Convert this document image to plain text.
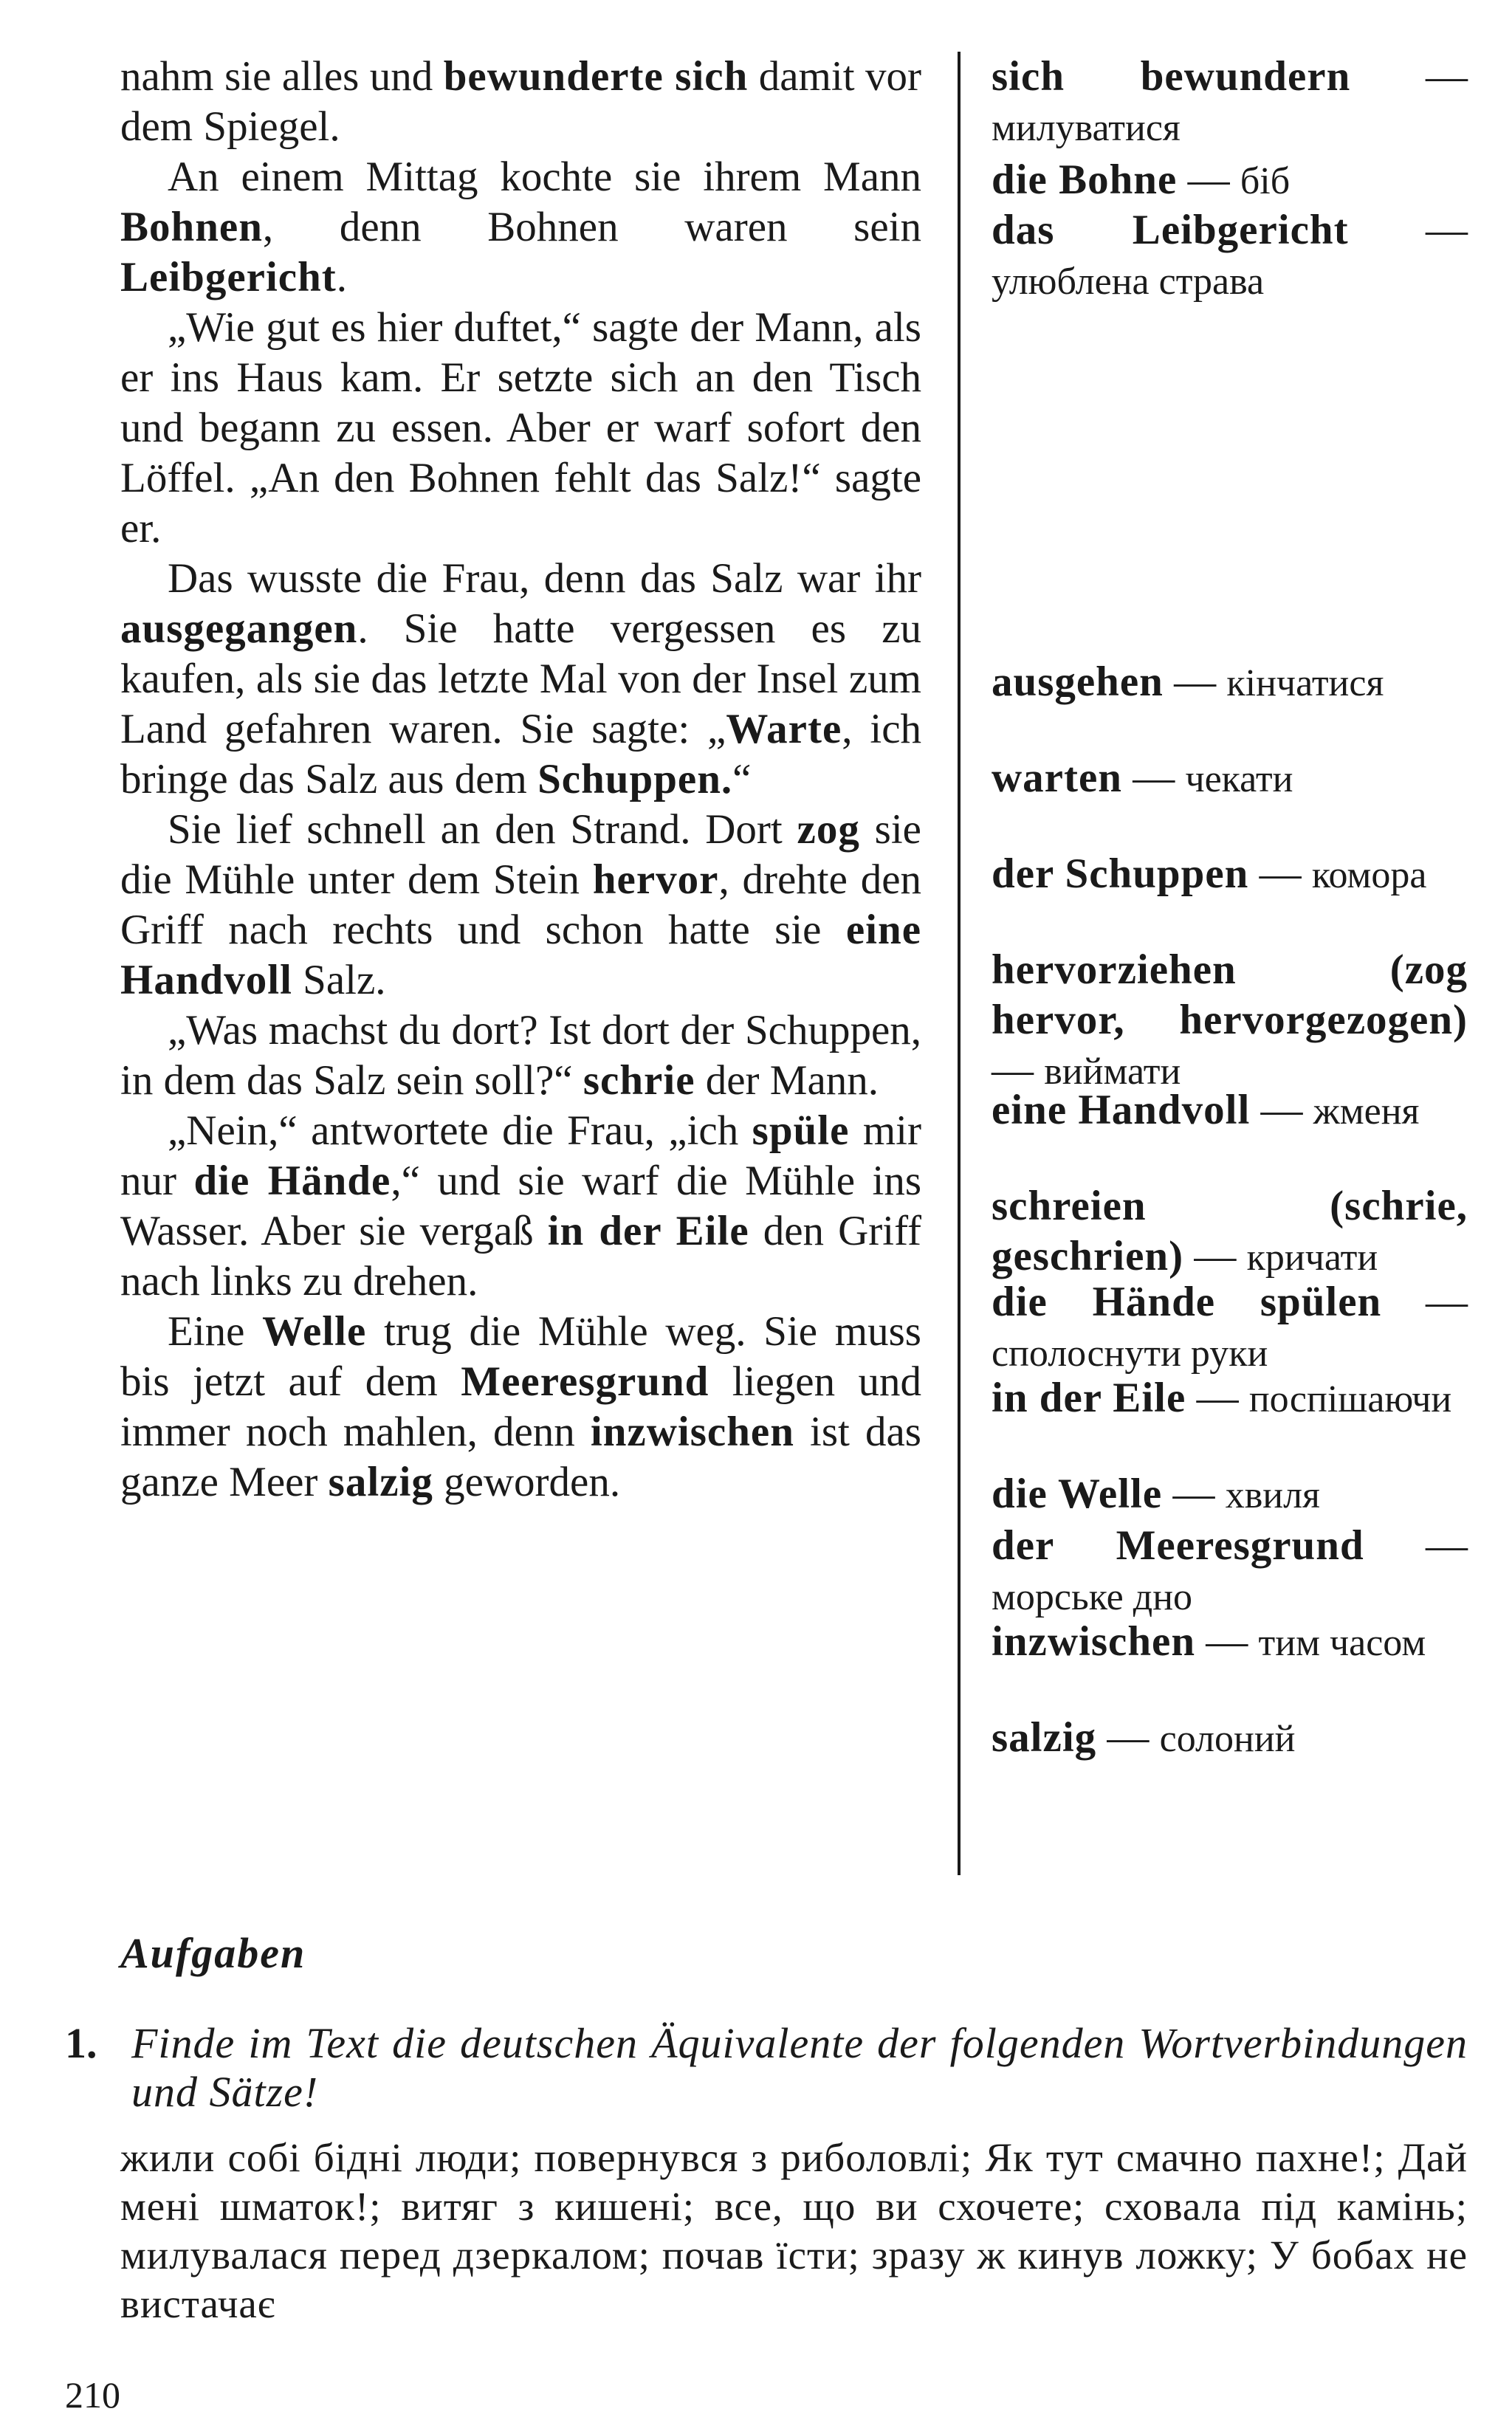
nahm sie alles und bewunderte sich damit vor dem Spiegel.

An einem Mittag kochte sie ihrem Mann Bohnen, denn Bohnen waren sein Leibgericht.

„Wie gut es hier duftet,“ sagte der Mann, als er ins Haus kam. Er setzte sich an den Tisch und begann zu essen. Aber er warf sofort den Löffel. „An den Bohnen fehlt das Salz!“ sagte er.

Das wusste die Frau, denn das Salz war ihr ausgegangen. Sie hatte vergessen es zu kaufen, als sie das letzte Mal von der Insel zum Land gefahren waren. Sie sagte: „Warte, ich bringe das Salz aus dem Schuppen.“

Sie lief schnell an den Strand. Dort zog sie die Mühle unter dem Stein hervor, drehte den Griff nach rechts und schon hatte sie eine Handvoll Salz.

„Was machst du dort? Ist dort der Schuppen, in dem das Salz sein soll?“ schrie der Mann.

„Nein,“ antwortete die Frau, „ich spüle mir nur die Hände,“ und sie warf die Mühle ins Wasser. Aber sie vergaß in der Eile den Griff nach links zu drehen.

Eine Welle trug die Mühle weg. Sie muss bis jetzt auf dem Meeresgrund liegen und immer noch mahlen, denn inzwischen ist das ganze Meer salzig geworden.

sich bewundern — милуватися
die Bohne — біб
das Leibgericht — улюблена страва
ausgehen — кінчатися
warten — чекати
der Schuppen — комора
hervorziehen (zog hervor, hervorgezogen) — виймати
eine Handvoll — жменя
schreien (schrie, geschrien) — кричати
die Hände spülen — сполоснути руки
in der Eile — поспішаючи
die Welle — хвиля
der Meeresgrund — морське дно
inzwischen — тим часом
salzig — солоний
Aufgaben
1. Finde im Text die deutschen Äquivalente der folgenden Wortverbindungen und Sätze!
жили собі бідні люди; повернувся з риболовлі; Як тут смачно пахне!; Дай мені шматок!; витяг з кишені; все, що ви схочете; сховала під камінь; милувалася перед дзеркалом; почав їсти; зразу ж кинув ложку; У бобах не вистачає
210
